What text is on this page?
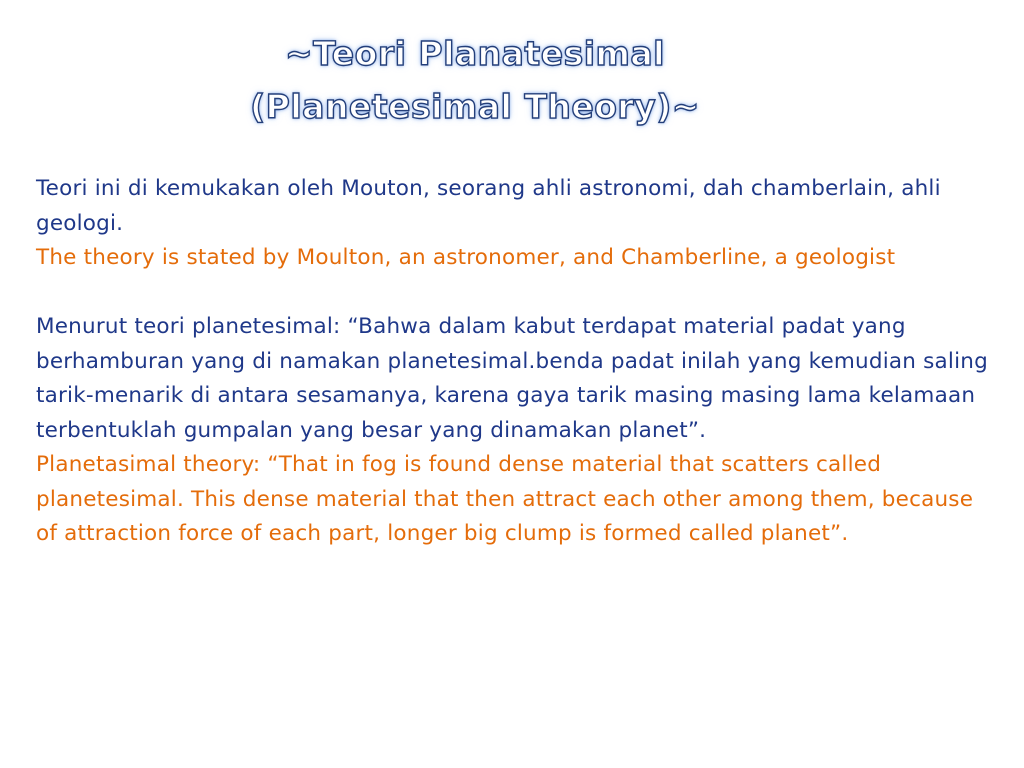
~Teori Planatesimal
(Planetesimal Theory)~

Teori ini di kemukakan oleh Mouton, seorang ahli astronomi, dah chamberlain, ahli geologi.

The theory is stated by Moulton, an astronomer, and Chamberline, a geologist

Menurut teori planetesimal: “Bahwa dalam kabut terdapat material padat yang berhamburan yang di namakan planetesimal.benda padat inilah yang kemudian saling tarik-menarik di antara sesamanya, karena gaya tarik masing masing lama kelamaan terbentuklah gumpalan yang besar yang dinamakan planet”.

Planetasimal theory: “That in fog is found dense material that scatters called planetesimal. This dense material that then attract each other among them, because of attraction force of each part, longer big clump is formed called planet”.
